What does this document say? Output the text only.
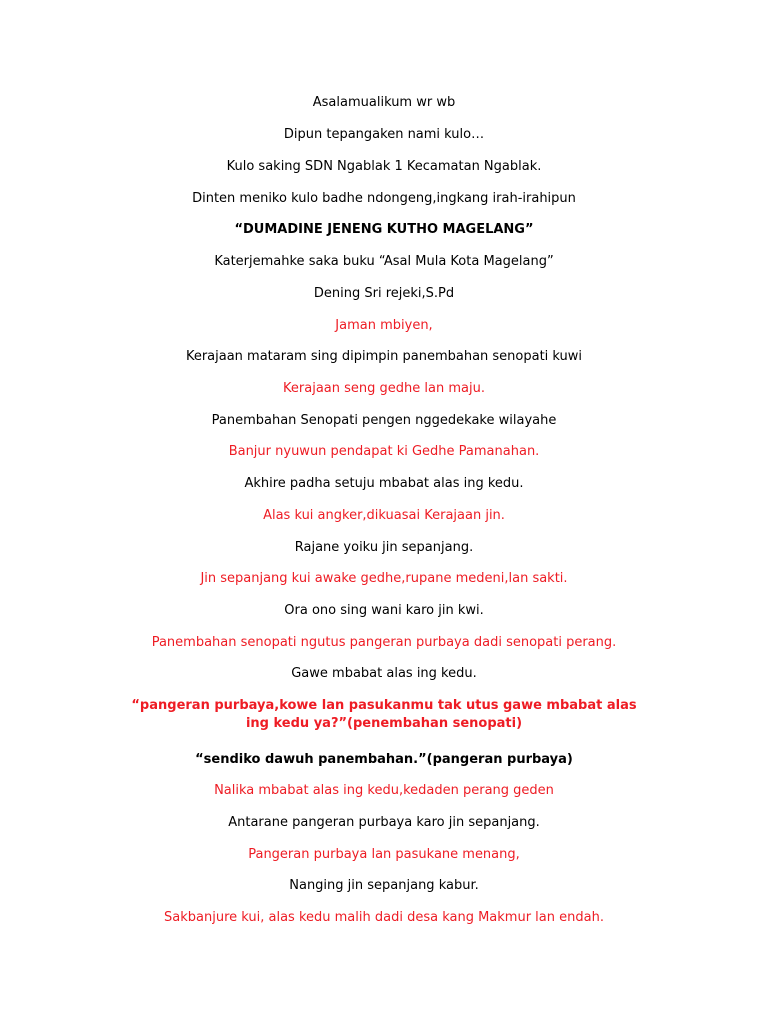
Asalamualikum wr wb
Dipun tepangaken nami kulo…
Kulo saking SDN Ngablak 1 Kecamatan Ngablak.
Dinten meniko kulo badhe ndongeng,ingkang irah-irahipun
“DUMADINE JENENG KUTHO MAGELANG”
Katerjemahke saka buku “Asal Mula Kota Magelang”
Dening Sri rejeki,S.Pd
Jaman mbiyen,
Kerajaan mataram sing dipimpin panembahan senopati kuwi
Kerajaan seng gedhe lan maju.
Panembahan Senopati pengen nggedekake wilayahe
Banjur nyuwun pendapat ki Gedhe Pamanahan.
Akhire padha setuju mbabat alas ing kedu.
Alas kui angker,dikuasai Kerajaan jin.
Rajane yoiku jin sepanjang.
Jin sepanjang kui awake gedhe,rupane medeni,lan sakti.
Ora ono sing wani karo jin kwi.
Panembahan senopati ngutus pangeran purbaya dadi senopati perang.
Gawe mbabat alas ing kedu.
“pangeran purbaya,kowe lan pasukanmu tak utus gawe mbabat alas ing kedu ya?”(penembahan senopati)
“sendiko dawuh panembahan.”(pangeran purbaya)
Nalika mbabat alas ing kedu,kedaden perang geden
Antarane pangeran purbaya karo jin sepanjang.
Pangeran purbaya lan pasukane menang,
Nanging jin sepanjang kabur.
Sakbanjure kui, alas kedu malih dadi desa kang Makmur lan endah.
